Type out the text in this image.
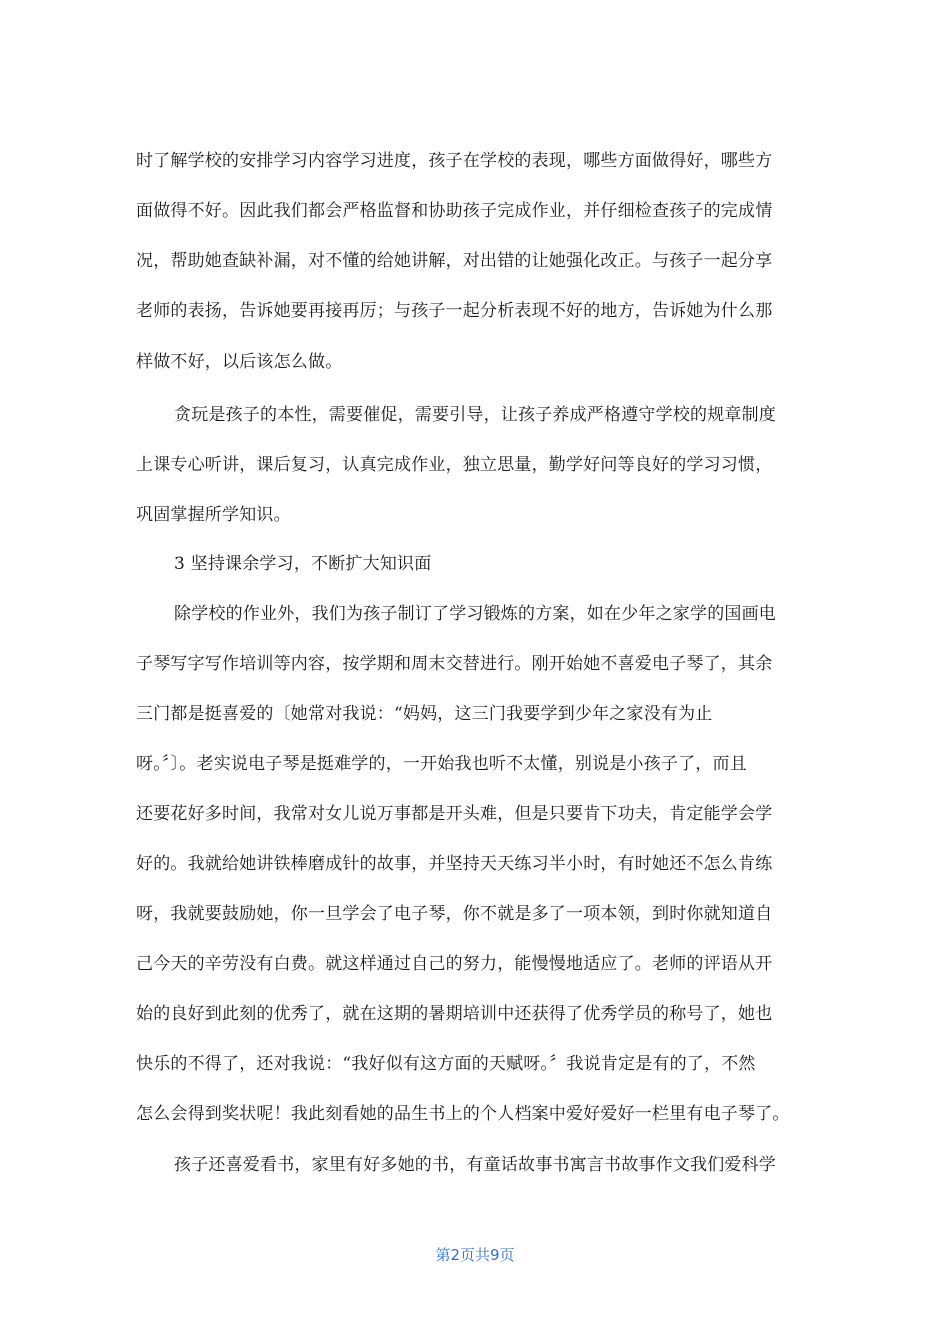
时了解学校的安排学习内容学习进度，孩子在学校的表现，哪些方面做得好，哪些方
面做得不好。因此我们都会严格监督和协助孩子完成作业，并仔细检查孩子的完成情
况，帮助她查缺补漏，对不懂的给她讲解，对出错的让她强化改正。与孩子一起分享
老师的表扬，告诉她要再接再厉；与孩子一起分析表现不好的地方，告诉她为什么那
样做不好，以后该怎么做。
贪玩是孩子的本性，需要催促，需要引导，让孩子养成严格遵守学校的规章制度
上课专心听讲，课后复习，认真完成作业，独立思量，勤学好问等良好的学习习惯，
巩固掌握所学知识。
3 坚持课余学习，不断扩大知识面
除学校的作业外，我们为孩子制订了学习锻炼的方案，如在少年之家学的国画电
子琴写字写作培训等内容，按学期和周末交替进行。刚开始她不喜爱电子琴了，其余
三门都是挺喜爱的〔她常对我说：“妈妈，这三门我要学到少年之家没有为止
呀。〞〕。老实说电子琴是挺难学的，一开始我也听不太懂，别说是小孩子了，而且
还要花好多时间，我常对女儿说万事都是开头难，但是只要肯下功夫，肯定能学会学
好的。我就给她讲铁棒磨成针的故事，并坚持天天练习半小时，有时她还不怎么肯练
呀，我就要鼓励她，你一旦学会了电子琴，你不就是多了一项本领，到时你就知道自
己今天的辛劳没有白费。就这样通过自己的努力，能慢慢地适应了。老师的评语从开
始的良好到此刻的优秀了，就在这期的暑期培训中还获得了优秀学员的称号了，她也
快乐的不得了，还对我说：“我好似有这方面的天赋呀。〞我说肯定是有的了，不然
怎么会得到奖状呢！我此刻看她的品生书上的个人档案中爱好爱好一栏里有电子琴了。
孩子还喜爱看书，家里有好多她的书，有童话故事书寓言书故事作文我们爱科学
第2页共9页
